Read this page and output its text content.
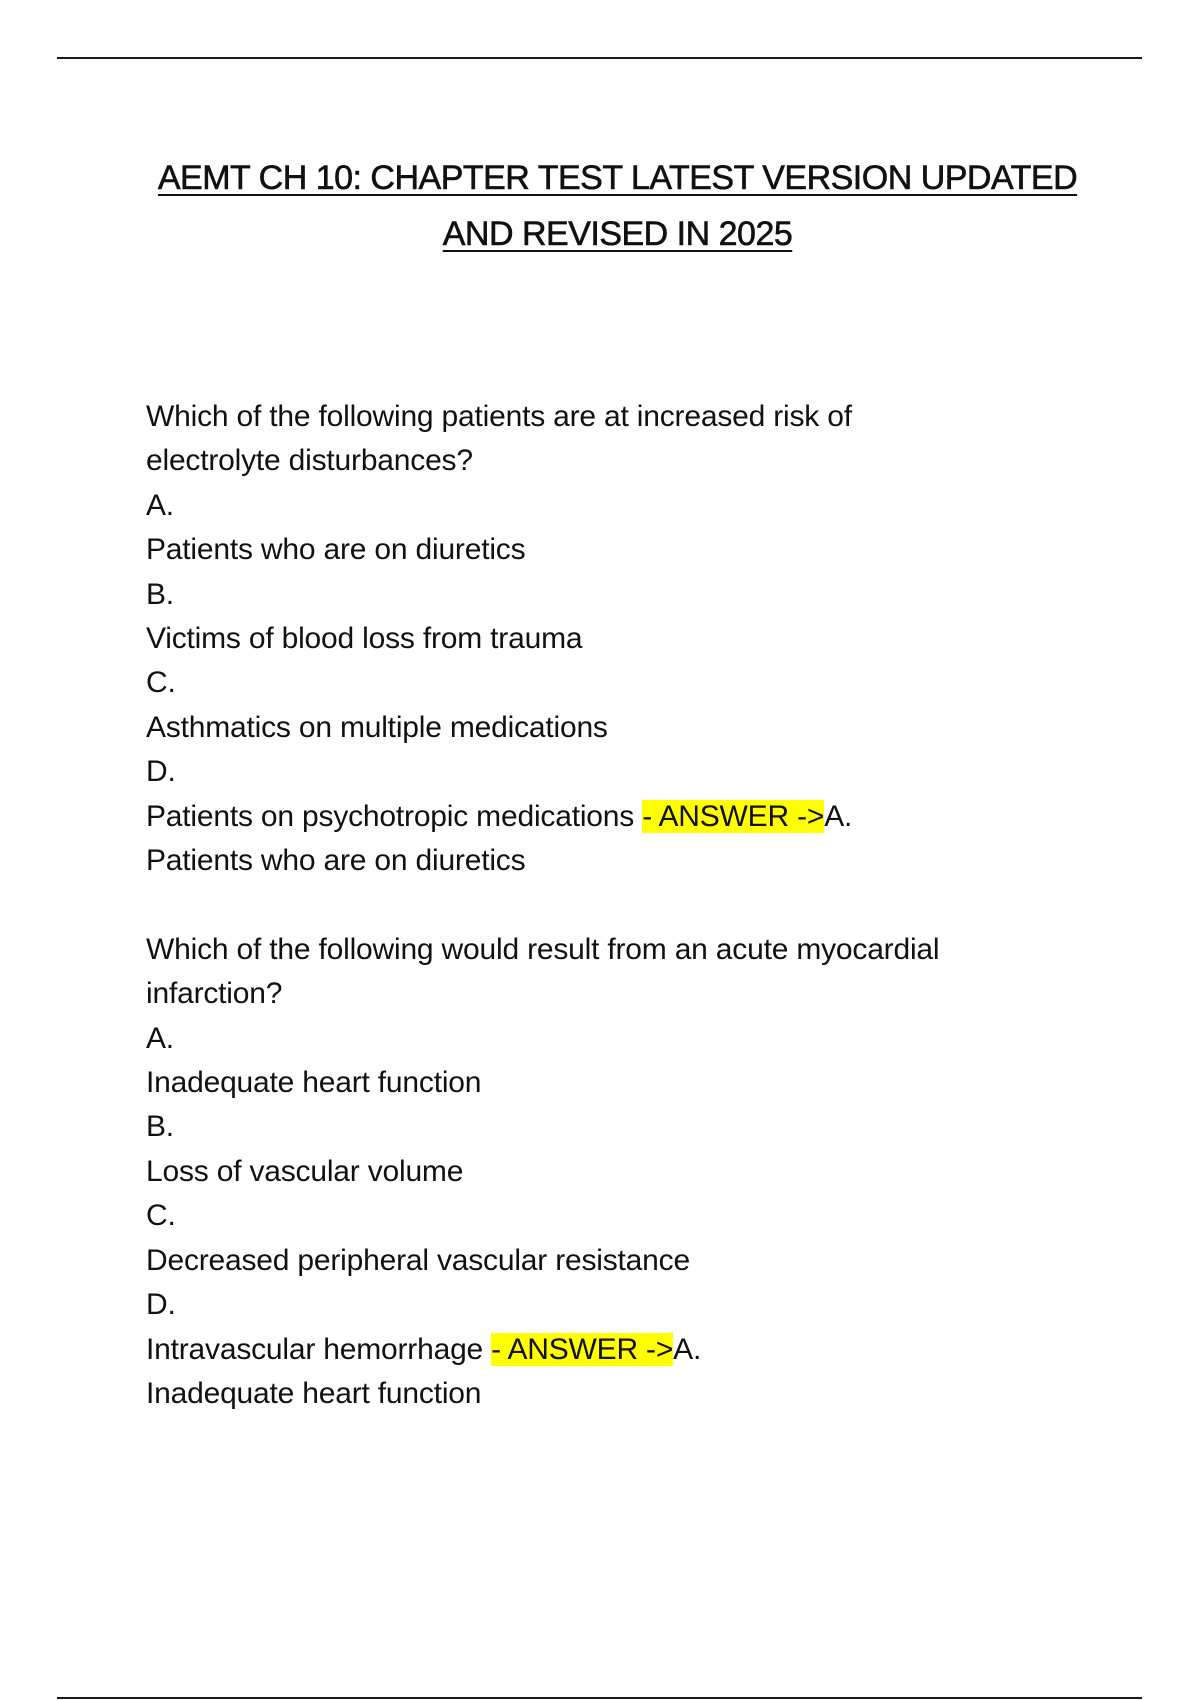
AEMT CH 10: CHAPTER TEST LATEST VERSION UPDATED
AND REVISED IN 2025
Which of the following patients are at increased risk of
electrolyte disturbances?
A.
Patients who are on diuretics
B.
Victims of blood loss from trauma
C.
Asthmatics on multiple medications
D.
Patients on psychotropic medications - ANSWER ->A.
Patients who are on diuretics
Which of the following would result from an acute myocardial
infarction?
A.
Inadequate heart function
B.
Loss of vascular volume
C.
Decreased peripheral vascular resistance
D.
Intravascular hemorrhage - ANSWER ->A.
Inadequate heart function
